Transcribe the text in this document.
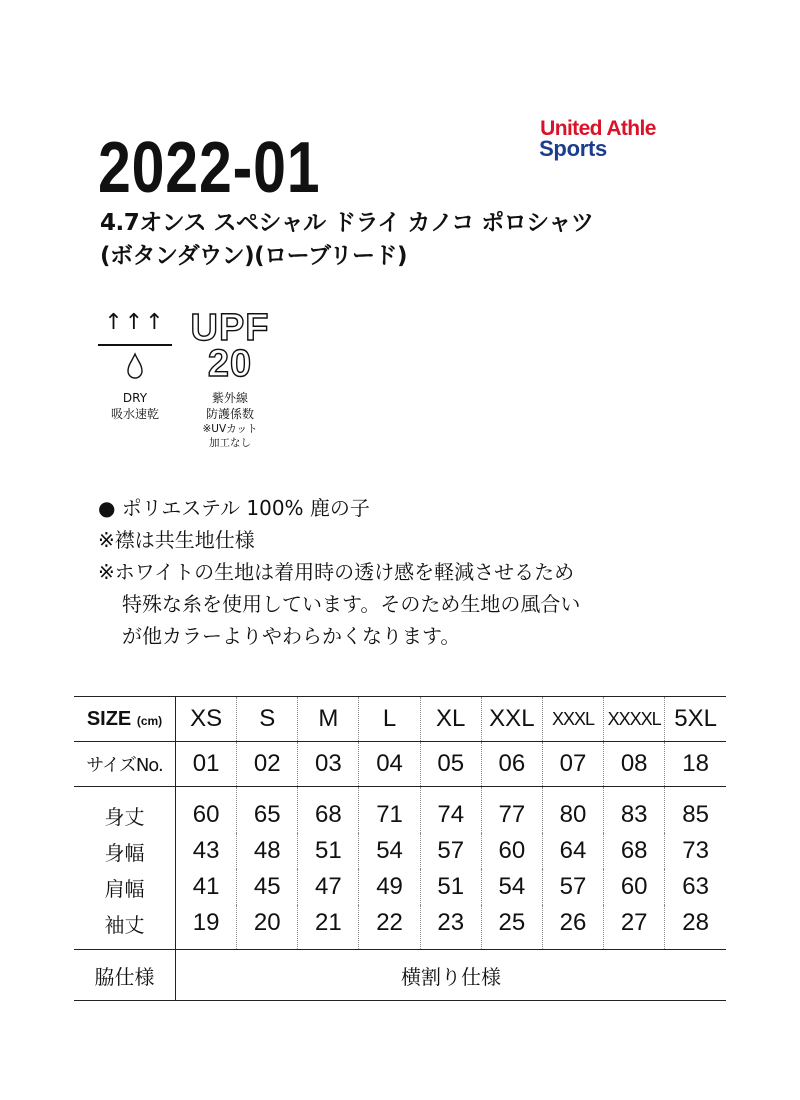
United Athle
Sports
2022-01
4.7オンス スペシャル ドライ カノコ ポロシャツ
(ボタンダウン)(ローブリード)
↑↑↑
DRY
吸水速乾
UPF
20
紫外線
防護係数
※UVカット
加工なし

● ポリエステル 100% 鹿の子

※襟は共生地仕様

※ホワイトの生地は着用時の透け感を軽減させるため

特殊な糸を使用しています。そのため生地の風合い

が他カラーよりやわらかくなります。

SIZE (cm)	XS	S	M	L	XL	XXL	XXXL	XXXXL	5XL
サイズNo.	01	02	03	04	05	06	07	08	18
身丈	60	65	68	71	74	77	80	83	85
身幅	43	48	51	54	57	60	64	68	73
肩幅	41	45	47	49	51	54	57	60	63
袖丈	19	20	21	22	23	25	26	27	28
脇仕様	横割り仕様								
